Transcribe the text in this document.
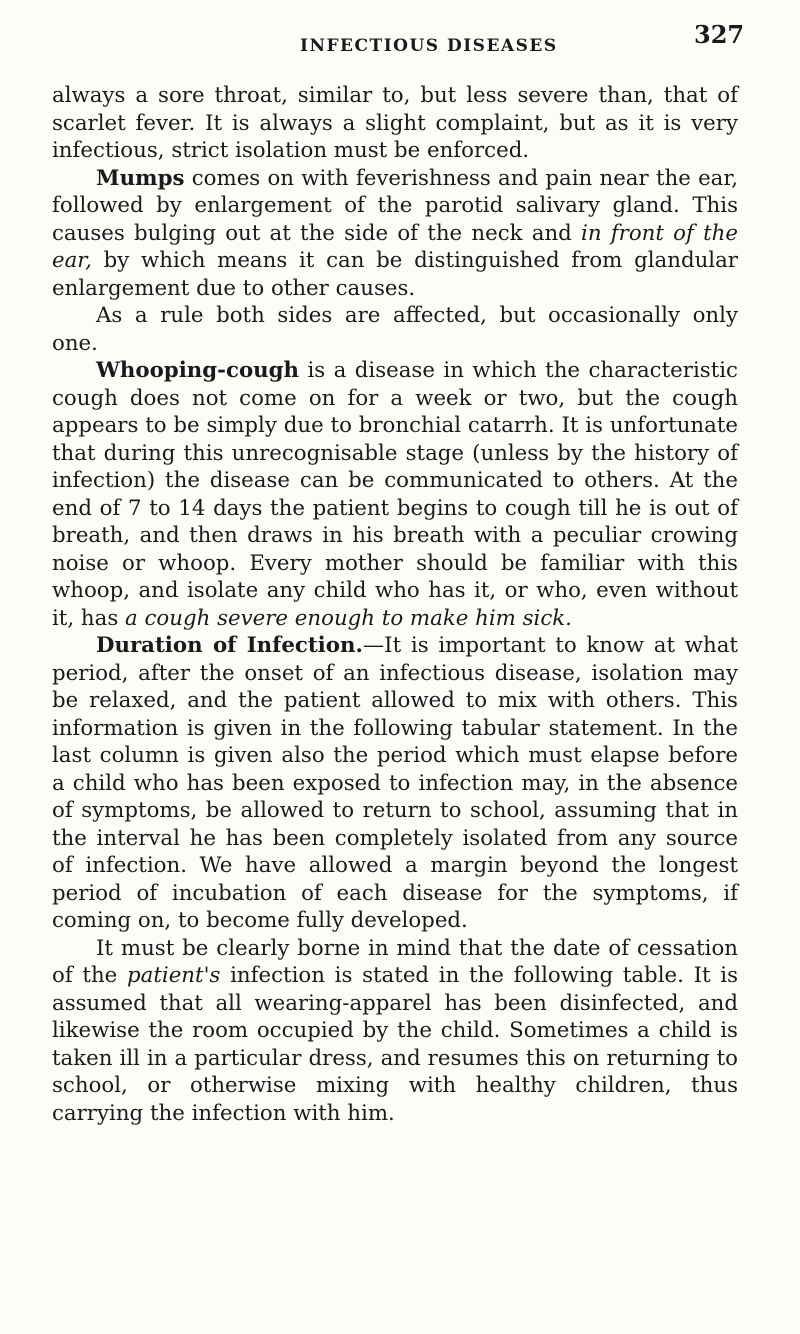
INFECTIOUS DISEASES	327

always a sore throat, similar to, but less severe than, that of scarlet fever. It is always a slight complaint, but as it is very infectious, strict isolation must be enforced.

Mumps comes on with feverishness and pain near the ear, followed by enlargement of the parotid salivary gland. This causes bulging out at the side of the neck and in front of the ear, by which means it can be distinguished from glandular enlargement due to other causes.

As a rule both sides are affected, but occasionally only one.

Whooping-cough is a disease in which the characteristic cough does not come on for a week or two, but the cough appears to be simply due to bronchial catarrh. It is unfortunate that during this unrecognisable stage (unless by the history of infection) the disease can be communicated to others. At the end of 7 to 14 days the patient begins to cough till he is out of breath, and then draws in his breath with a peculiar crowing noise or whoop. Every mother should be familiar with this whoop, and isolate any child who has it, or who, even without it, has a cough severe enough to make him sick.

Duration of Infection.—It is important to know at what period, after the onset of an infectious disease, isolation may be relaxed, and the patient allowed to mix with others. This information is given in the following tabular statement. In the last column is given also the period which must elapse before a child who has been exposed to infection may, in the absence of symptoms, be allowed to return to school, assuming that in the interval he has been completely isolated from any source of infection. We have allowed a margin beyond the longest period of incubation of each disease for the symptoms, if coming on, to become fully developed.

It must be clearly borne in mind that the date of cessation of the patient's infection is stated in the following table. It is assumed that all wearing-apparel has been disinfected, and likewise the room occupied by the child. Sometimes a child is taken ill in a particular dress, and resumes this on returning to school, or otherwise mixing with healthy children, thus carrying the infection with him.
